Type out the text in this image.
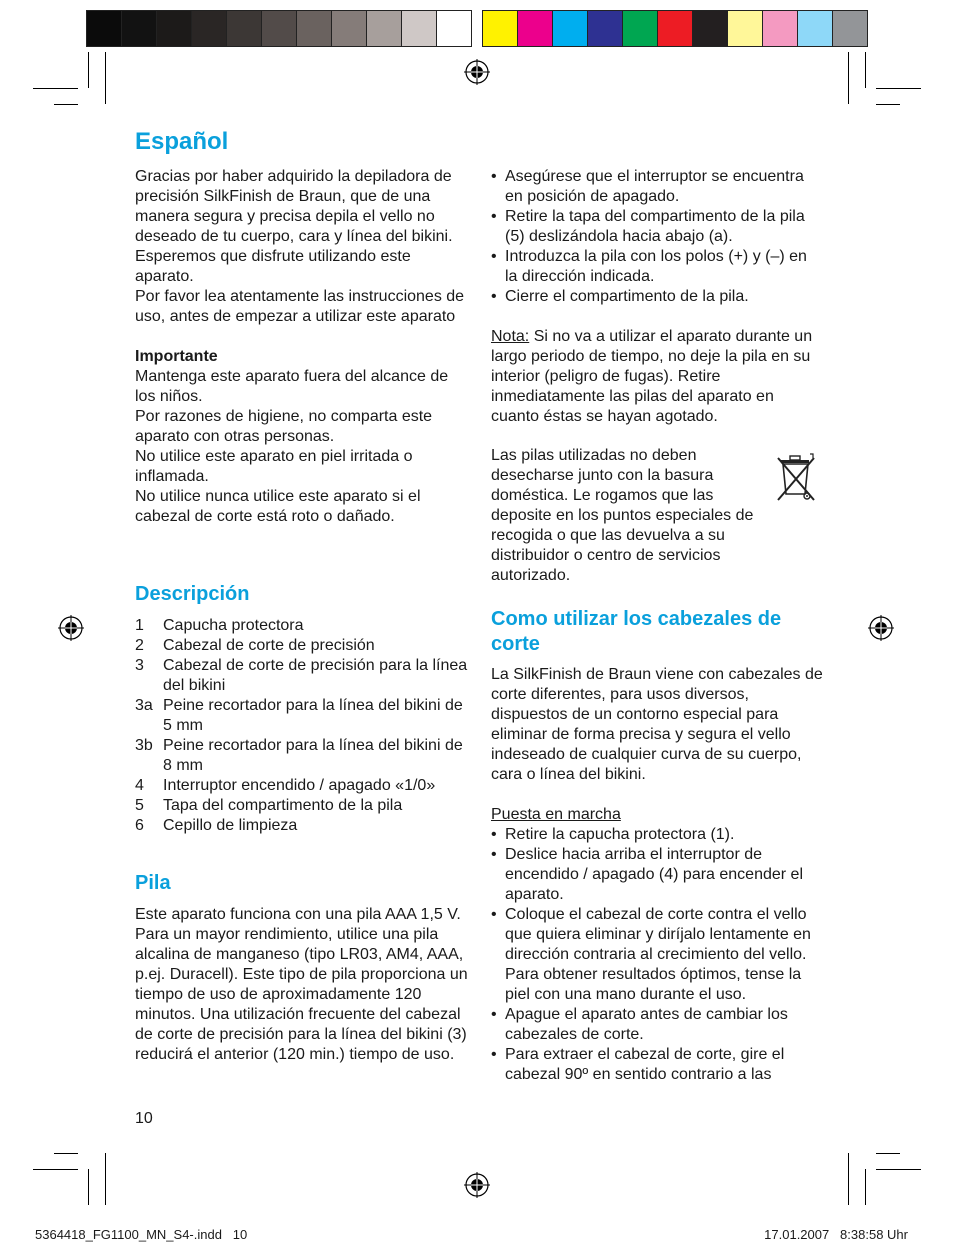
Español

Gracias por haber adquirido la depiladora de precisión SilkFinish de Braun, que de una manera segura y precisa depila el vello no deseado de tu cuerpo, cara y línea del bikini. Esperemos que disfrute utilizando este aparato.

Por favor lea atentamente las instrucciones de uso, antes de empezar a utilizar este aparato

Importante

Mantenga este aparato fuera del alcance de los niños.

Por razones de higiene, no comparta este aparato con otras personas.

No utilice este aparato en piel irritada o inflamada.

No utilice nunca utilice este aparato si el cabezal de corte está roto o dañado.

Descripción
1	Capucha protectora
2	Cabezal de corte de precisión
3	Cabezal de corte de precisión para la línea del bikini
3a Peine recortador para la línea del bikini de 5 mm
3b Peine recortador para la línea del bikini de 8 mm
4	Interruptor encendido / apagado «1/0»
5	Tapa del compartimento de la pila
6	Cepillo de limpieza
Pila

Este aparato funciona con una pila AAA 1,5 V. Para un mayor rendimiento, utilice una pila alcalina de manganeso (tipo LR03, AM4, AAA, p.ej. Duracell). Este tipo de pila proporciona un tiempo de uso de aproximadamente 120 minutos. Una utilización frecuente del cabezal de corte de precisión para la línea del bikini (3) reducirá el anterior (120 min.) tiempo de uso.

10
• Asegúrese que el interruptor se encuentra en posición de apagado.
• Retire la tapa del compartimento de la pila (5) deslizándola hacia abajo (a).
• Introduzca la pila con los polos (+) y (–) en la dirección indicada.
• Cierre el compartimento de la pila.

Nota: Si no va a utilizar el aparato durante un largo periodo de tiempo, no deje la pila en su interior (peligro de fugas). Retire inmediatamente las pilas del aparato en cuanto éstas se hayan agotado.

Las pilas utilizadas no deben desecharse junto con la basura doméstica. Le rogamos que las deposite en los puntos especiales de recogida o que las devuelva a su distribuidor o centro de servicios autorizado.

Como utilizar los cabezales de corte

La SilkFinish de Braun viene con cabezales de corte diferentes, para usos diversos, dispuestos de un contorno especial para eliminar de forma precisa y segura el vello indeseado de cualquier curva de su cuerpo, cara o línea del bikini.

Puesta en marcha

• Retire la capucha protectora (1).
• Deslice hacia arriba el interruptor de encendido / apagado (4) para encender el aparato.
• Coloque el cabezal de corte contra el vello que quiera eliminar y diríjalo lentamente en dirección contraria al crecimiento del vello. Para obtener resultados óptimos, tense la piel con una mano durante el uso.
• Apague el aparato antes de cambiar los cabezales de corte.
• Para extraer el cabezal de corte, gire el cabezal 90º en sentido contrario a las
5364418_FG1100_MN_S4-.indd   10	17.01.2007   8:38:58 Uhr
